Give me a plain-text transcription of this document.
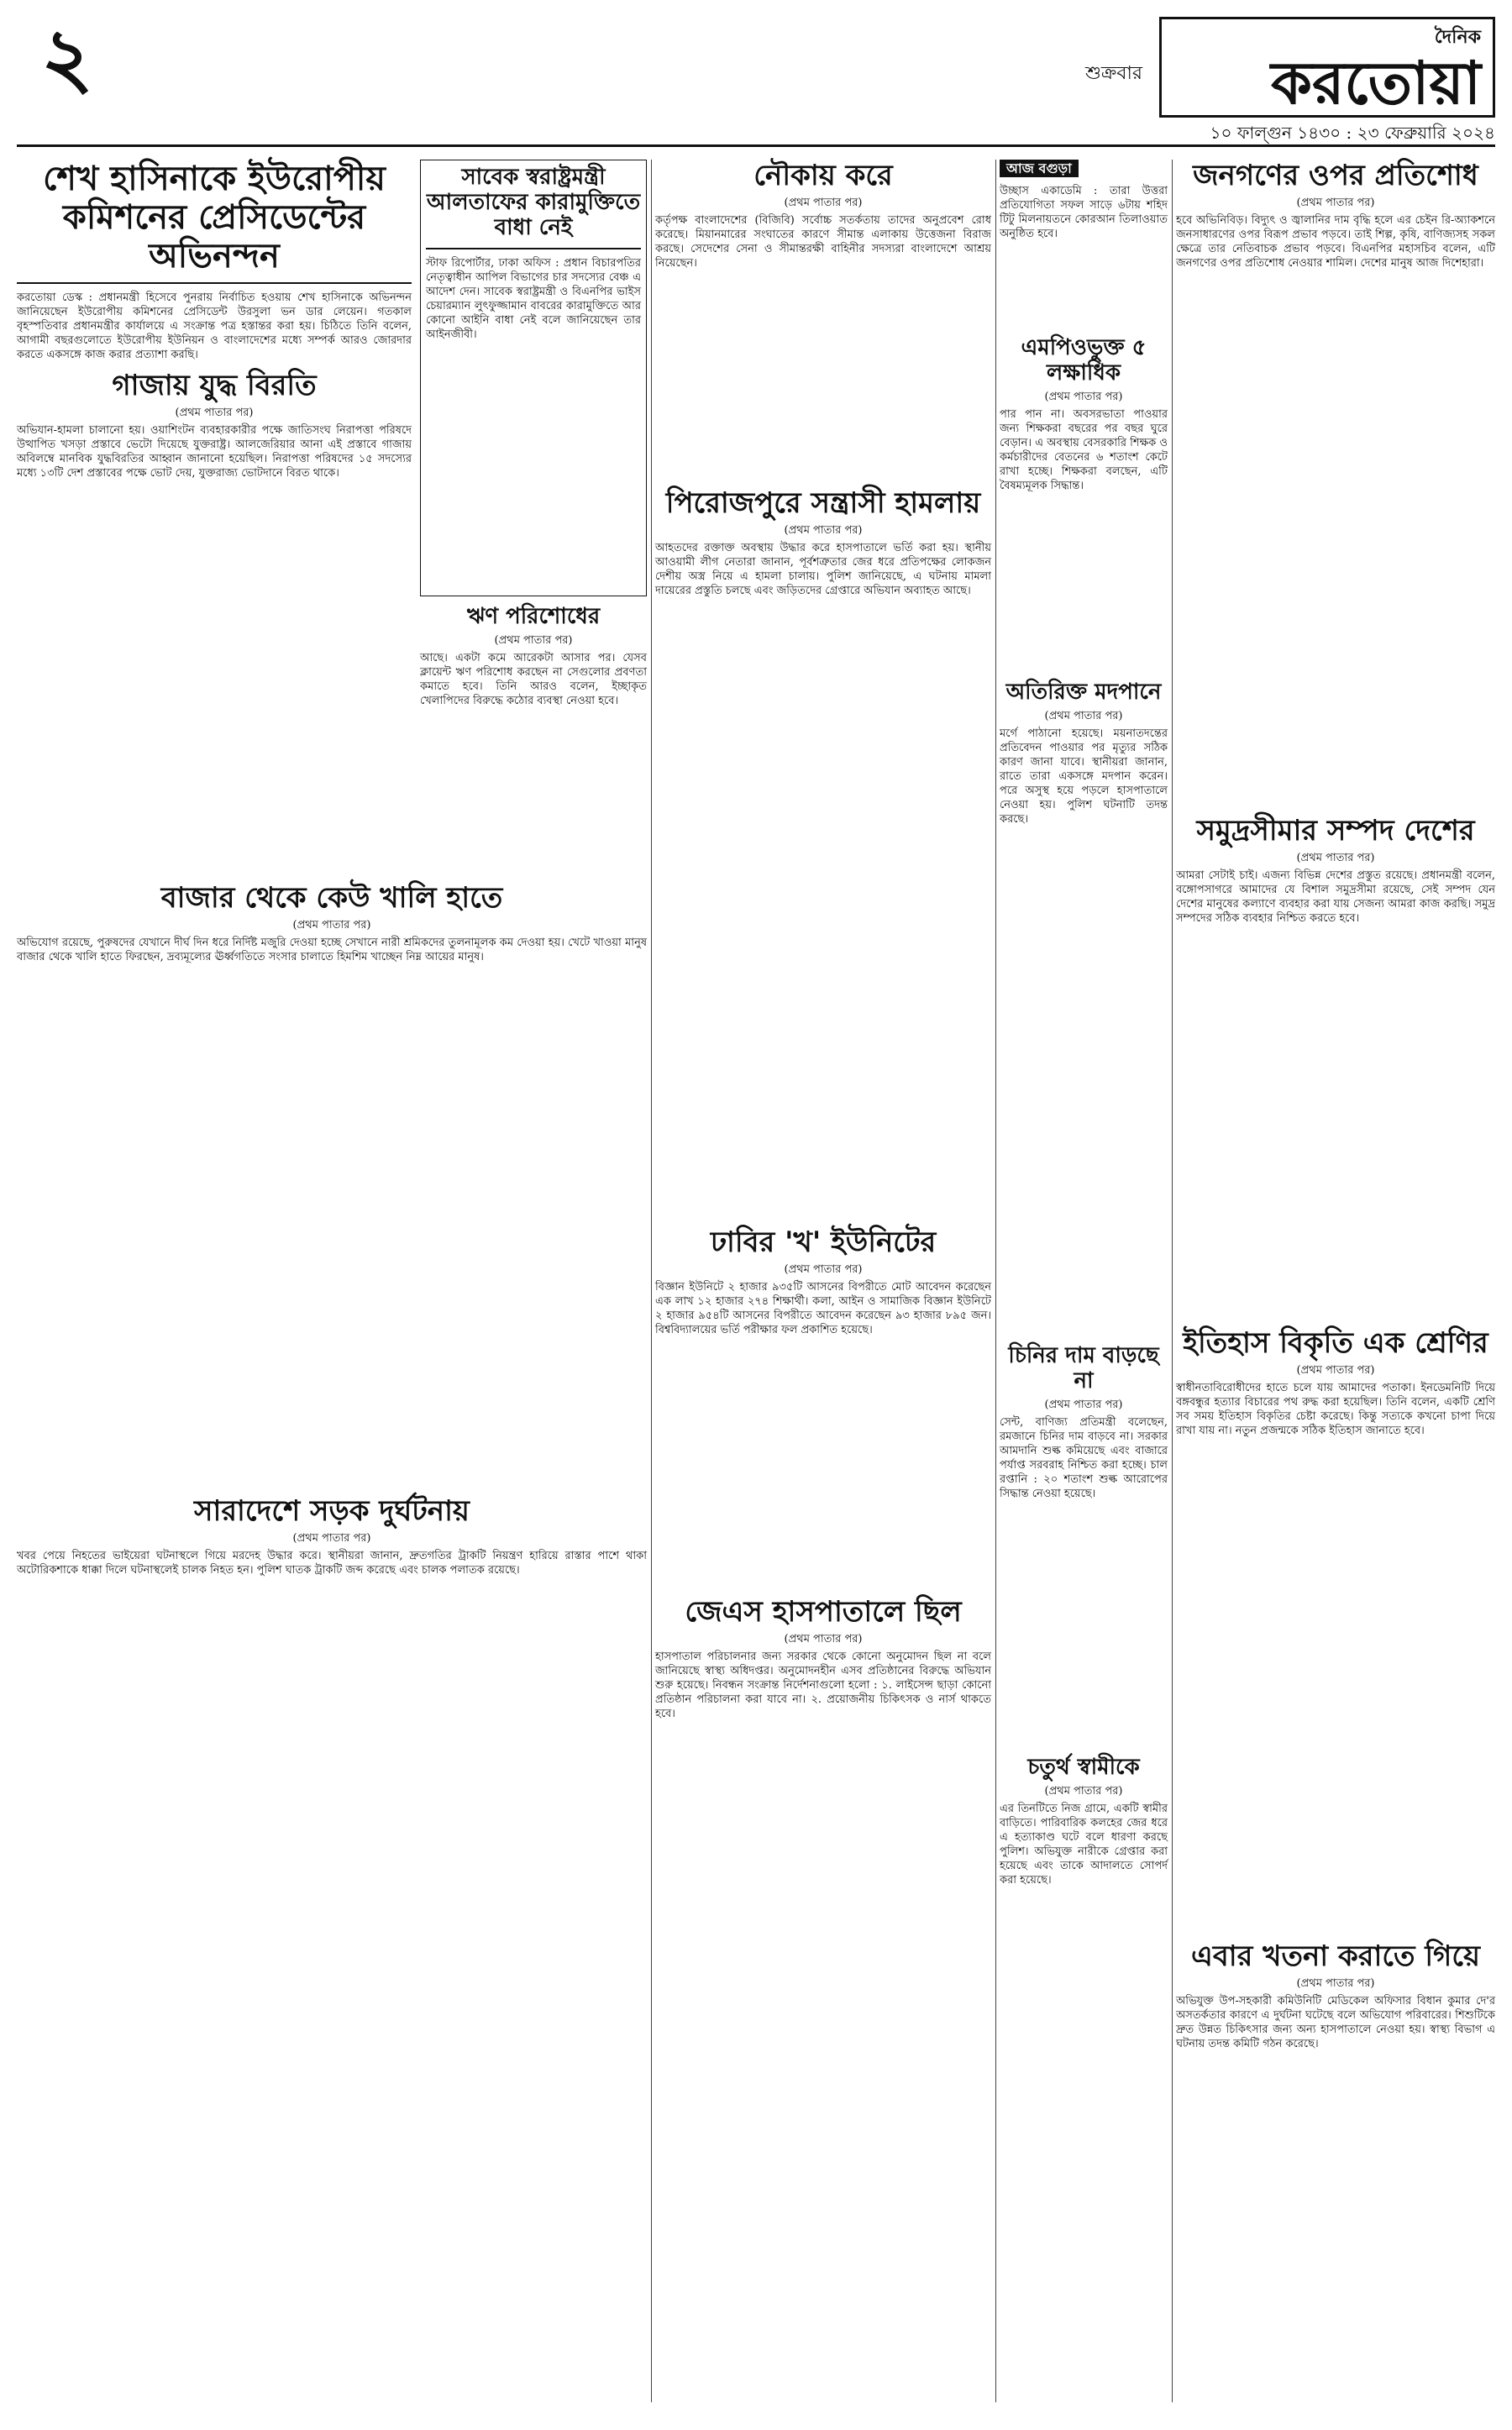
২	শুক্রবার
দৈনিক
করতোয়া
১০ ফাল্গুন ১৪৩০ : ২৩ ফেব্রুয়ারি ২০২৪
শেখ হাসিনাকে ইউরোপীয় কমিশনের প্রেসিডেন্টের অভিনন্দন

করতোয়া ডেস্ক : প্রধানমন্ত্রী হিসেবে পুনরায় নির্বাচিত হওয়ায় শেখ হাসিনাকে অভিনন্দন জানিয়েছেন ইউরোপীয় কমিশনের প্রেসিডেন্ট উরসুলা ভন ডার লেয়েন। গতকাল বৃহস্পতিবার প্রধানমন্ত্রীর কার্যালয়ে এ সংক্রান্ত পত্র হস্তান্তর করা হয়। চিঠিতে তিনি বলেন, আগামী বছরগুলোতে ইউরোপীয় ইউনিয়ন ও বাংলাদেশের মধ্যে সম্পর্ক আরও জোরদার করতে একসঙ্গে কাজ করার প্রত্যাশা করছি।

সাবেক স্বরাষ্ট্রমন্ত্রী আলতাফের কারামুক্তিতে বাধা নেই

স্টাফ রিপোর্টার, ঢাকা অফিস : প্রধান বিচারপতির নেতৃত্বাধীন আপিল বিভাগের চার সদস্যের বেঞ্চ এ আদেশ দেন। সাবেক স্বরাষ্ট্রমন্ত্রী ও বিএনপির ভাইস চেয়ারম্যান লুৎফুজ্জামান বাবরের কারামুক্তিতে আর কোনো আইনি বাধা নেই বলে জানিয়েছেন তার আইনজীবী।

গাজায় যুদ্ধ বিরতি
(প্রথম পাতার পর)

অভিযান-হামলা চালানো হয়। ওয়াশিংটন ব্যবহারকারীর পক্ষে জাতিসংঘ নিরাপত্তা পরিষদে উত্থাপিত খসড়া প্রস্তাবে ভেটো দিয়েছে যুক্তরাষ্ট্র। আলজেরিয়ার আনা এই প্রস্তাবে গাজায় অবিলম্বে মানবিক যুদ্ধবিরতির আহ্বান জানানো হয়েছিল। নিরাপত্তা পরিষদের ১৫ সদস্যের মধ্যে ১৩টি দেশ প্রস্তাবের পক্ষে ভোট দেয়, যুক্তরাজ্য ভোটদানে বিরত থাকে।

ঋণ পরিশোধের
(প্রথম পাতার পর)

আছে। একটা কমে আরেকটা আসার পর। যেসব ক্লায়েন্ট ঋণ পরিশোধ করছেন না সেগুলোর প্রবণতা কমাতে হবে। তিনি আরও বলেন, ইচ্ছাকৃত খেলাপিদের বিরুদ্ধে কঠোর ব্যবস্থা নেওয়া হবে।

বাজার থেকে কেউ খালি হাতে
(প্রথম পাতার পর)

অভিযোগ রয়েছে, পুরুষদের যেখানে দীর্ঘ দিন ধরে নির্দিষ্ট মজুরি দেওয়া হচ্ছে সেখানে নারী শ্রমিকদের তুলনামূলক কম দেওয়া হয়। খেটে খাওয়া মানুষ বাজার থেকে খালি হাতে ফিরছেন, দ্রব্যমূল্যের ঊর্ধ্বগতিতে সংসার চালাতে হিমশিম খাচ্ছেন নিম্ন আয়ের মানুষ।

সারাদেশে সড়ক দুর্ঘটনায়
(প্রথম পাতার পর)

খবর পেয়ে নিহতের ভাইয়েরা ঘটনাস্থলে গিয়ে মরদেহ উদ্ধার করে। স্থানীয়রা জানান, দ্রুতগতির ট্রাকটি নিয়ন্ত্রণ হারিয়ে রাস্তার পাশে থাকা অটোরিকশাকে ধাক্কা দিলে ঘটনাস্থলেই চালক নিহত হন। পুলিশ ঘাতক ট্রাকটি জব্দ করেছে এবং চালক পলাতক রয়েছে।

নৌকায় করে
(প্রথম পাতার পর)

কর্তৃপক্ষ বাংলাদেশের (বিজিবি) সর্বোচ্চ সতর্কতায় তাদের অনুপ্রবেশ রোধ করেছে। মিয়ানমারের সংঘাতের কারণে সীমান্ত এলাকায় উত্তেজনা বিরাজ করছে। সেদেশের সেনা ও সীমান্তরক্ষী বাহিনীর সদস্যরা বাংলাদেশে আশ্রয় নিয়েছেন।

পিরোজপুরে সন্ত্রাসী হামলায়
(প্রথম পাতার পর)

আহতদের রক্তাক্ত অবস্থায় উদ্ধার করে হাসপাতালে ভর্তি করা হয়। স্থানীয় আওয়ামী লীগ নেতারা জানান, পূর্বশত্রুতার জের ধরে প্রতিপক্ষের লোকজন দেশীয় অস্ত্র নিয়ে এ হামলা চালায়। পুলিশ জানিয়েছে, এ ঘটনায় মামলা দায়েরের প্রস্তুতি চলছে এবং জড়িতদের গ্রেপ্তারে অভিযান অব্যাহত আছে।

ঢাবির 'খ' ইউনিটের
(প্রথম পাতার পর)

বিজ্ঞান ইউনিটে ২ হাজার ৯৩৫টি আসনের বিপরীতে মোট আবেদন করেছেন এক লাখ ১২ হাজার ২৭৪ শিক্ষার্থী। কলা, আইন ও সামাজিক বিজ্ঞান ইউনিটে ২ হাজার ৯৫৪টি আসনের বিপরীতে আবেদন করেছেন ৯৩ হাজার ৮৯৫ জন। বিশ্ববিদ্যালয়ের ভর্তি পরীক্ষার ফল প্রকাশিত হয়েছে।

জেএস হাসপাতালে ছিল
(প্রথম পাতার পর)

হাসপাতাল পরিচালনার জন্য সরকার থেকে কোনো অনুমোদন ছিল না বলে জানিয়েছে স্বাস্থ্য অধিদপ্তর। অনুমোদনহীন এসব প্রতিষ্ঠানের বিরুদ্ধে অভিযান শুরু হয়েছে। নিবন্ধন সংক্রান্ত নির্দেশনাগুলো হলো : ১. লাইসেন্স ছাড়া কোনো প্রতিষ্ঠান পরিচালনা করা যাবে না। ২. প্রয়োজনীয় চিকিৎসক ও নার্স থাকতে হবে।

আজ বগুড়া

উচ্ছাস একাডেমি : তারা উত্তরা প্রতিযোগিতা সফল সাড়ে ৬টায় শহিদ টিটু মিলনায়তনে কোরআন তিলাওয়াত অনুষ্ঠিত হবে।

এমপিওভুক্ত ৫ লক্ষাধিক
(প্রথম পাতার পর)

পার পান না। অবসরভাতা পাওয়ার জন্য শিক্ষকরা বছরের পর বছর ঘুরে বেড়ান। এ অবস্থায় বেসরকারি শিক্ষক ও কর্মচারীদের বেতনের ৬ শতাংশ কেটে রাখা হচ্ছে। শিক্ষকরা বলছেন, এটি বৈষম্যমূলক সিদ্ধান্ত।

অতিরিক্ত মদপানে
(প্রথম পাতার পর)

মর্গে পাঠানো হয়েছে। ময়নাতদন্তের প্রতিবেদন পাওয়ার পর মৃত্যুর সঠিক কারণ জানা যাবে। স্থানীয়রা জানান, রাতে তারা একসঙ্গে মদপান করেন। পরে অসুস্থ হয়ে পড়লে হাসপাতালে নেওয়া হয়। পুলিশ ঘটনাটি তদন্ত করছে।

চিনির দাম বাড়ছে না
(প্রথম পাতার পর)

সেন্ট, বাণিজ্য প্রতিমন্ত্রী বলেছেন, রমজানে চিনির দাম বাড়বে না। সরকার আমদানি শুল্ক কমিয়েছে এবং বাজারে পর্যাপ্ত সরবরাহ নিশ্চিত করা হচ্ছে। চাল রপ্তানি : ২০ শতাংশ শুল্ক আরোপের সিদ্ধান্ত নেওয়া হয়েছে।

চতুর্থ স্বামীকে
(প্রথম পাতার পর)

এর তিনটিতে নিজ গ্রামে, একটি স্বামীর বাড়িতে। পারিবারিক কলহের জের ধরে এ হত্যাকাণ্ড ঘটে বলে ধারণা করছে পুলিশ। অভিযুক্ত নারীকে গ্রেপ্তার করা হয়েছে এবং তাকে আদালতে সোপর্দ করা হয়েছে।

জনগণের ওপর প্রতিশোধ
(প্রথম পাতার পর)

হবে অভিনিবিড়। বিদ্যুৎ ও জ্বালানির দাম বৃদ্ধি হলে এর চেইন রি-অ্যাকশনে জনসাধারণের ওপর বিরূপ প্রভাব পড়বে। তাই শিল্প, কৃষি, বাণিজ্যসহ সকল ক্ষেত্রে তার নেতিবাচক প্রভাব পড়বে। বিএনপির মহাসচিব বলেন, এটি জনগণের ওপর প্রতিশোধ নেওয়ার শামিল। দেশের মানুষ আজ দিশেহারা।

সমুদ্রসীমার সম্পদ দেশের
(প্রথম পাতার পর)

আমরা সেটাই চাই। এজন্য বিভিন্ন দেশের প্রস্তুত রয়েছে। প্রধানমন্ত্রী বলেন, বঙ্গোপসাগরে আমাদের যে বিশাল সমুদ্রসীমা রয়েছে, সেই সম্পদ যেন দেশের মানুষের কল্যাণে ব্যবহার করা যায় সেজন্য আমরা কাজ করছি। সমুদ্র সম্পদের সঠিক ব্যবহার নিশ্চিত করতে হবে।

ইতিহাস বিকৃতি এক শ্রেণির
(প্রথম পাতার পর)

স্বাধীনতাবিরোধীদের হাতে চলে যায় আমাদের পতাকা। ইনডেমনিটি দিয়ে বঙ্গবন্ধুর হত্যার বিচারের পথ রুদ্ধ করা হয়েছিল। তিনি বলেন, একটি শ্রেণি সব সময় ইতিহাস বিকৃতির চেষ্টা করেছে। কিন্তু সত্যকে কখনো চাপা দিয়ে রাখা যায় না। নতুন প্রজন্মকে সঠিক ইতিহাস জানাতে হবে।

এবার খতনা করাতে গিয়ে
(প্রথম পাতার পর)

অভিযুক্ত উপ-সহকারী কমিউনিটি মেডিকেল অফিসার বিধান কুমার দে'র অসতর্কতার কারণে এ দুর্ঘটনা ঘটেছে বলে অভিযোগ পরিবারের। শিশুটিকে দ্রুত উন্নত চিকিৎসার জন্য অন্য হাসপাতালে নেওয়া হয়। স্বাস্থ্য বিভাগ এ ঘটনায় তদন্ত কমিটি গঠন করেছে।
